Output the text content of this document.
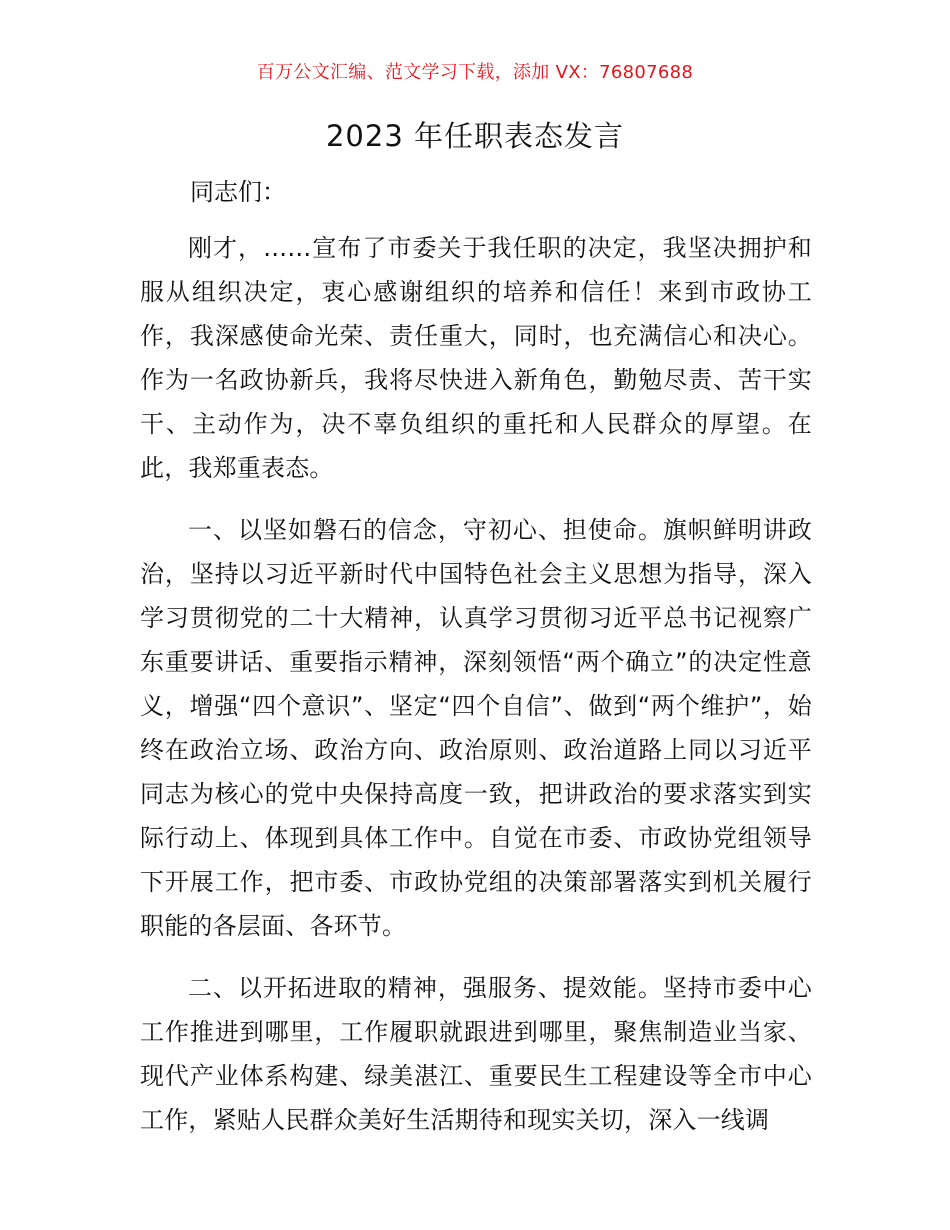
百万公文汇编、范文学习下载，添加 VX：76807688
2023 年任职表态发言

同志们：

刚才，……宣布了市委关于我任职的决定，我坚决拥护和服从组织决定，衷心感谢组织的培养和信任！来到市政协工作，我深感使命光荣、责任重大，同时，也充满信心和决心。作为一名政协新兵，我将尽快进入新角色，勤勉尽责、苦干实干、主动作为，决不辜负组织的重托和人民群众的厚望。在此，我郑重表态。

一、以坚如磐石的信念，守初心、担使命。旗帜鲜明讲政治，坚持以习近平新时代中国特色社会主义思想为指导，深入学习贯彻党的二十大精神，认真学习贯彻习近平总书记视察广东重要讲话、重要指示精神，深刻领悟“两个确立”的决定性意义，增强“四个意识”、坚定“四个自信”、做到“两个维护”，始终在政治立场、政治方向、政治原则、政治道路上同以习近平同志为核心的党中央保持高度一致，把讲政治的要求落实到实际行动上、体现到具体工作中。自觉在市委、市政协党组领导下开展工作，把市委、市政协党组的决策部署落实到机关履行职能的各层面、各环节。

二、以开拓进取的精神，强服务、提效能。坚持市委中心工作推进到哪里，工作履职就跟进到哪里，聚焦制造业当家、现代产业体系构建、绿美湛江、重要民生工程建设等全市中心工作，紧贴人民群众美好生活期待和现实关切，深入一线调
